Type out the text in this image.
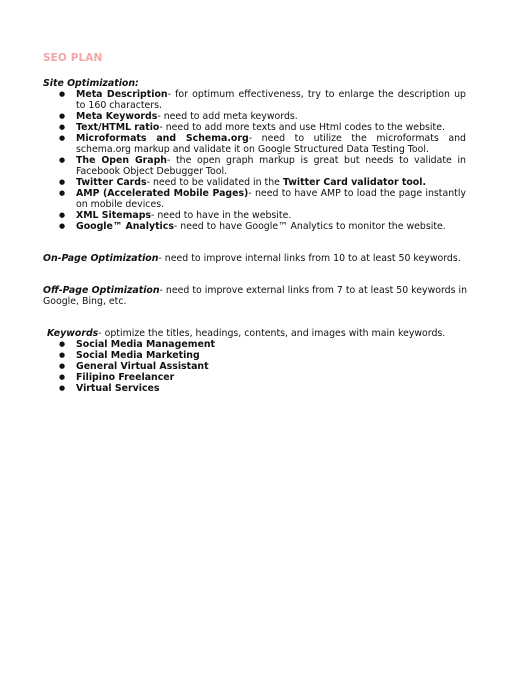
SEO PLAN
Site Optimization:
● Meta Description- for optimum effectiveness, try to enlarge the description up to 160 characters.
● Meta Keywords- need to add meta keywords.
● Text/HTML ratio- need to add more texts and use Html codes to the website.
● Microformats and Schema.org- need to utilize the microformats and schema.org markup and validate it on Google Structured Data Testing Tool.
● The Open Graph- the open graph markup is great but needs to validate in Facebook Object Debugger Tool.
● Twitter Cards- need to be validated in the Twitter Card validator tool.
● AMP (Accelerated Mobile Pages)- need to have AMP to load the page instantly on mobile devices.
● XML Sitemaps- need to have in the website.
● Google™ Analytics- need to have Google™ Analytics to monitor the website.
On-Page Optimization- need to improve internal links from 10 to at least 50 keywords.
Off-Page Optimization- need to improve external links from 7 to at least 50 keywords in Google, Bing, etc.
Keywords- optimize the titles, headings, contents, and images with main keywords.
● Social Media Management
● Social Media Marketing
● General Virtual Assistant
● Filipino Freelancer
● Virtual Services
